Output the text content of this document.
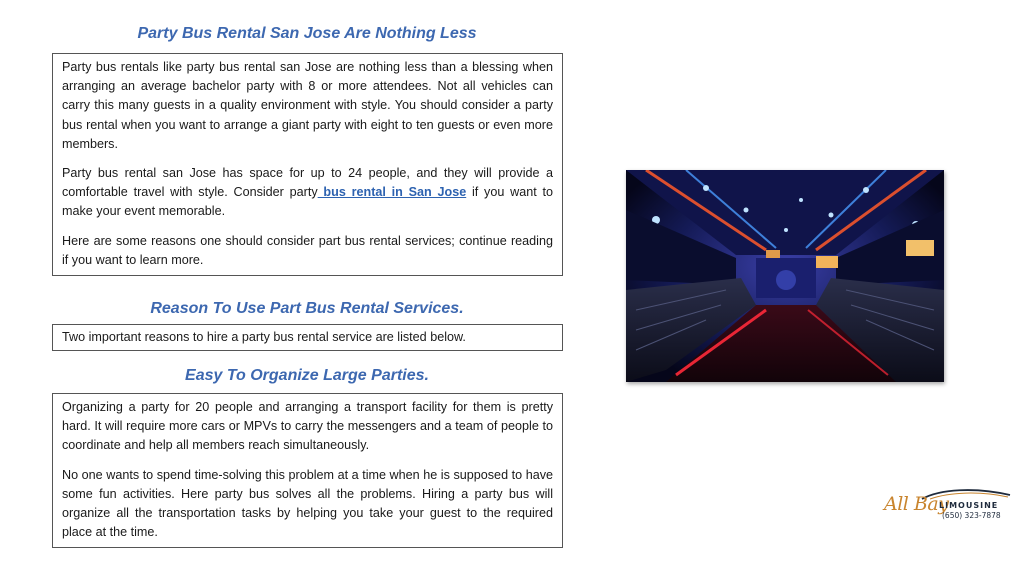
Party Bus Rental San Jose Are Nothing Less

Party bus rentals like party bus rental san Jose are nothing less than a blessing when arranging an average bachelor party with 8 or more attendees. Not all vehicles can carry this many guests in a quality environment with style. You should consider a party bus rental when you want to arrange a giant party with eight to ten guests or even more members.

Party bus rental san Jose has space for up to 24 people, and they will provide a comfortable travel with style. Consider party bus rental in San Jose if you want to make your event memorable.

Here are some reasons one should consider part bus rental services; continue reading if you want to learn more.

Reason To Use Part Bus Rental Services.

Two important reasons to hire a party bus rental service are listed below.

Easy To Organize Large Parties.

Organizing a party for 20 people and arranging a transport facility for them is pretty hard. It will require more cars or MPVs to carry the messengers and a team of people to coordinate and help all members reach simultaneously.

No one wants to spend time-solving this problem at a time when he is supposed to have some fun activities. Here party bus solves all the problems. Hiring a party bus will organize all the transportation tasks by helping you take your guest to the required place at the time.

All Bay
LIMOUSINE
(650) 323-7878
